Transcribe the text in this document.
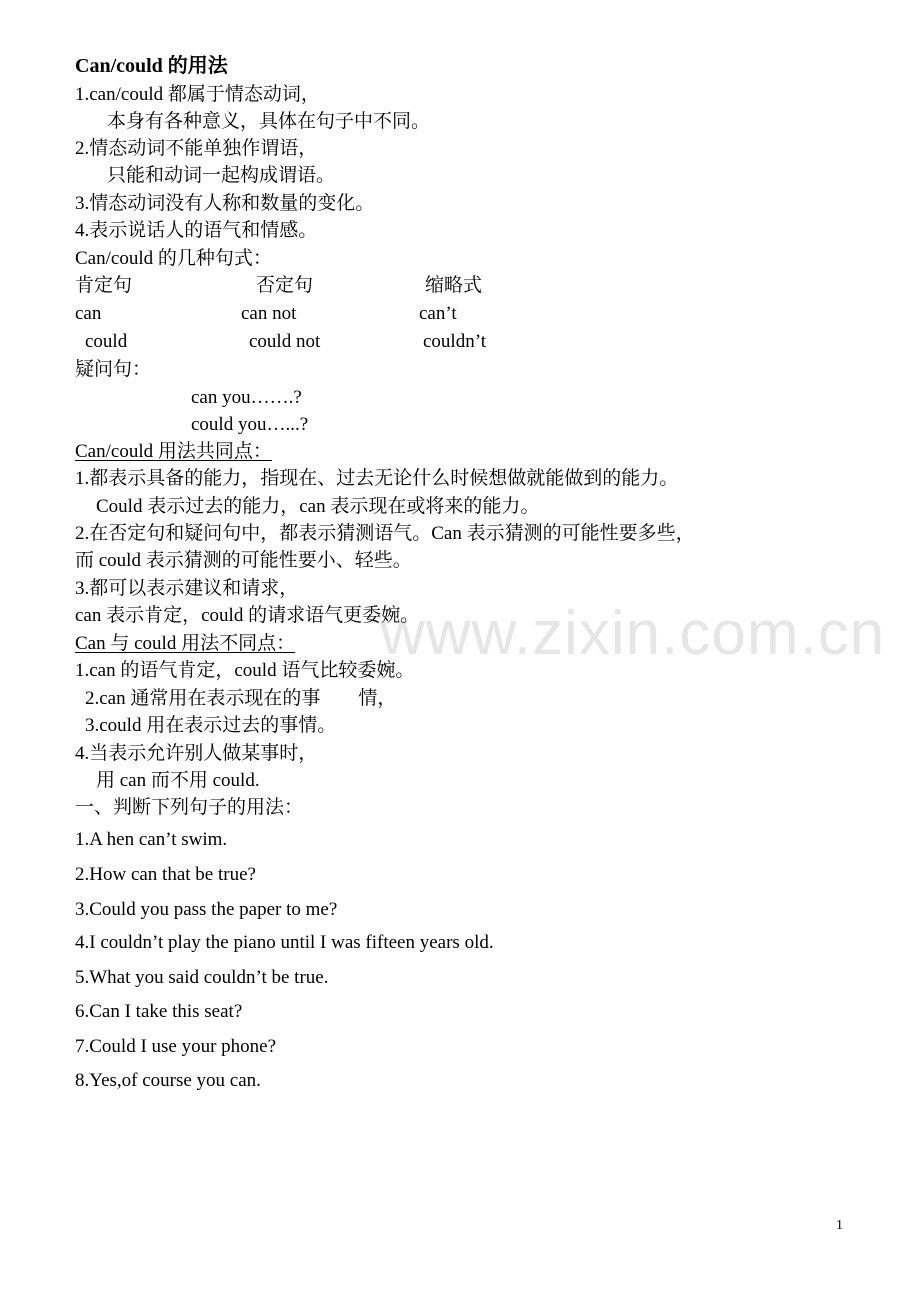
www.zixin.com.cn
Can/could 的用法
1.can/could 都属于情态动词，
本身有各种意义，具体在句子中不同。
2.情态动词不能单独作谓语，
只能和动词一起构成谓语。
3.情态动词没有人称和数量的变化。
4.表示说话人的语气和情感。
Can/could 的几种句式：
肯定句	否定句	缩略式
can	can not	can’t
could	could not	couldn’t
疑问句：
can you…….?
could you…...?
Can/could 用法共同点：
1.都表示具备的能力，指现在、过去无论什么时候想做就能做到的能力。
Could 表示过去的能力，can 表示现在或将来的能力。
2.在否定句和疑问句中，都表示猜测语气。Can 表示猜测的可能性要多些，
而 could 表示猜测的可能性要小、轻些。
3.都可以表示建议和请求，
can 表示肯定，could 的请求语气更委婉。
Can 与 could 用法不同点：
1.can 的语气肯定，could 语气比较委婉。
2.can 通常用在表示现在的事　　情，
3.could 用在表示过去的事情。
4.当表示允许别人做某事时，
用 can 而不用 could.
一、判断下列句子的用法：
1.A hen can’t swim.
2.How can that be true?
3.Could you pass the paper to me?
4.I couldn’t play the piano until I was fifteen years old.
5.What you said couldn’t be true.
6.Can I take this seat?
7.Could I use your phone?
8.Yes,of course you can.
1
